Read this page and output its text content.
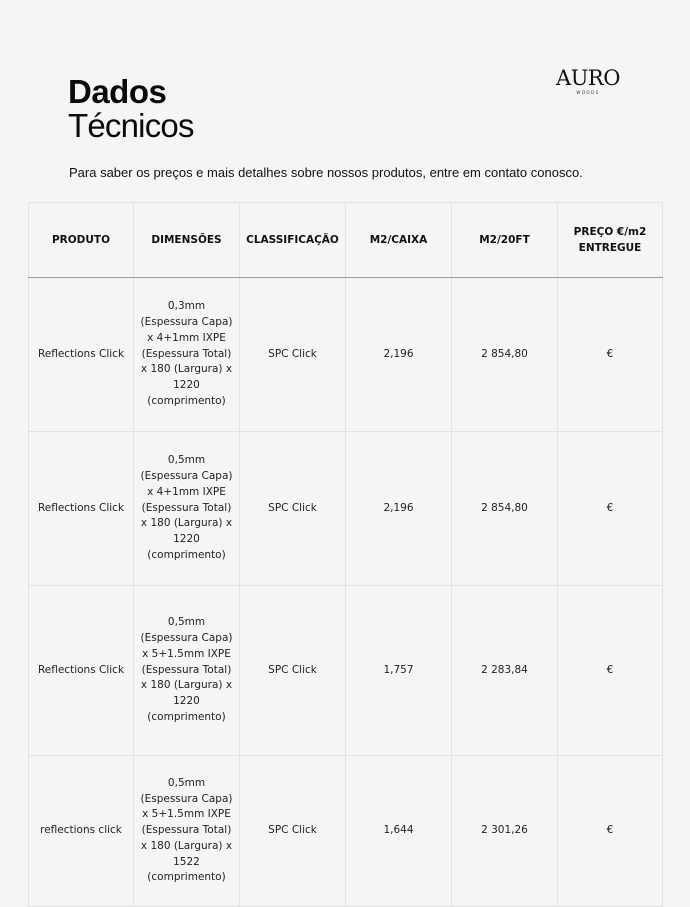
Dados
Técnicos
AURO
WOODS
Para saber os preços e mais detalhes sobre nossos produtos, entre em contato conosco.
PRODUTO	DIMENSÕES	CLASSIFICAÇÃO	M2/CAIXA	M2/20FT	PREÇO €/m2 ENTREGUE
Reflections Click	0,3mm (Espessura Capa) x 4+1mm IXPE (Espessura Total) x 180 (Largura) x 1220 (comprimento)	SPC Click	2,196	2 854,80	€
Reflections Click	0,5mm (Espessura Capa) x 4+1mm IXPE (Espessura Total) x 180 (Largura) x 1220 (comprimento)	SPC Click	2,196	2 854,80	€
Reflections Click	0,5mm (Espessura Capa) x 5+1.5mm IXPE (Espessura Total) x 180 (Largura) x 1220 (comprimento)	SPC Click	1,757	2 283,84	€
reflections click	0,5mm (Espessura Capa) x 5+1.5mm IXPE (Espessura Total) x 180 (Largura) x 1522 (comprimento)	SPC Click	1,644	2 301,26	€
